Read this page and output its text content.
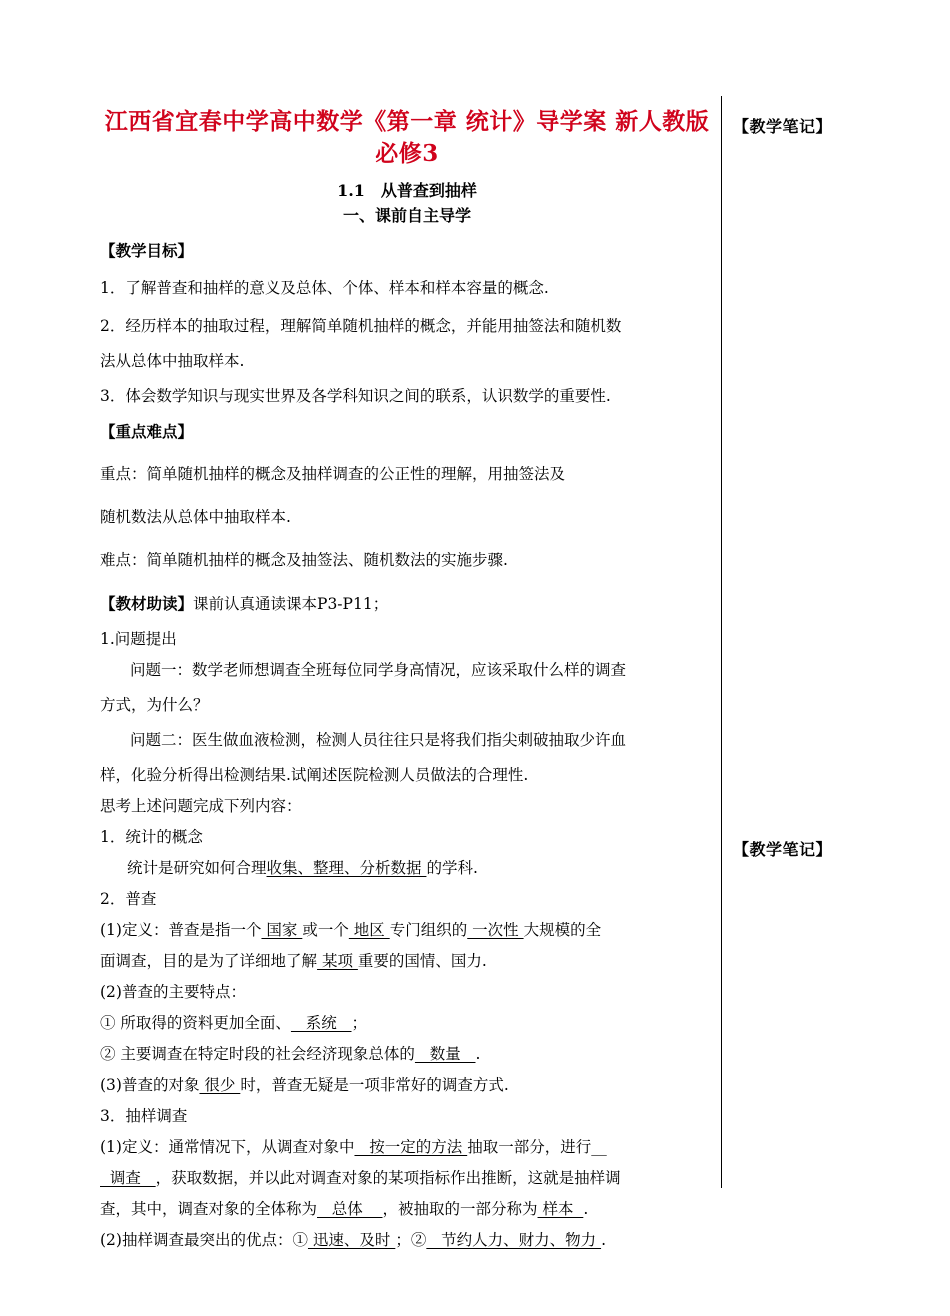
【教学笔记】
【教学笔记】
江西省宜春中学高中数学《第一章 统计》导学案 新人教版必修3

1.1　从普查到抽样

一、课前自主导学

【教学目标】

1．了解普查和抽样的意义及总体、个体、样本和样本容量的概念.

2．经历样本的抽取过程，理解简单随机抽样的概念，并能用抽签法和随机数

法从总体中抽取样本.

3．体会数学知识与现实世界及各学科知识之间的联系，认识数学的重要性.

【重点难点】

重点：简单随机抽样的概念及抽样调查的公正性的理解，用抽签法及

随机数法从总体中抽取样本.

难点：简单随机抽样的概念及抽签法、随机数法的实施步骤.

【教材助读】课前认真通读课本P3-P11；

1.问题提出

问题一：数学老师想调查全班每位同学身高情况，应该采取什么样的调查

方式，为什么？

问题二：医生做血液检测，检测人员往往只是将我们指尖刺破抽取少许血

样，化验分析得出检测结果.试阐述医院检测人员做法的合理性.

思考上述问题完成下列内容：

1．统计的概念

统计是研究如何合理收集、整理、分析数据 的学科.

2．普查

(1)定义：普查是指一个 国家 或一个 地区 专门组织的 一次性 大规模的全

面调查，目的是为了详细地了解 某项 重要的国情、国力.

(2)普查的主要特点：

① 所取得的资料更加全面、   系统   ；

② 主要调查在特定时段的社会经济现象总体的   数量   .

(3)普查的对象 很少 时，普查无疑是一项非常好的调查方式.

3．抽样调查

(1)定义：通常情况下，从调查对象中   按一定的方法 抽取一部分，进行__

调查   ，获取数据，并以此对调查对象的某项指标作出推断，这就是抽样调

查，其中，调查对象的全体称为   总体    ，被抽取的一部分称为 样本  .

(2)抽样调查最突出的优点：① 迅速、及时 ；②   节约人力、财力、物力 .
